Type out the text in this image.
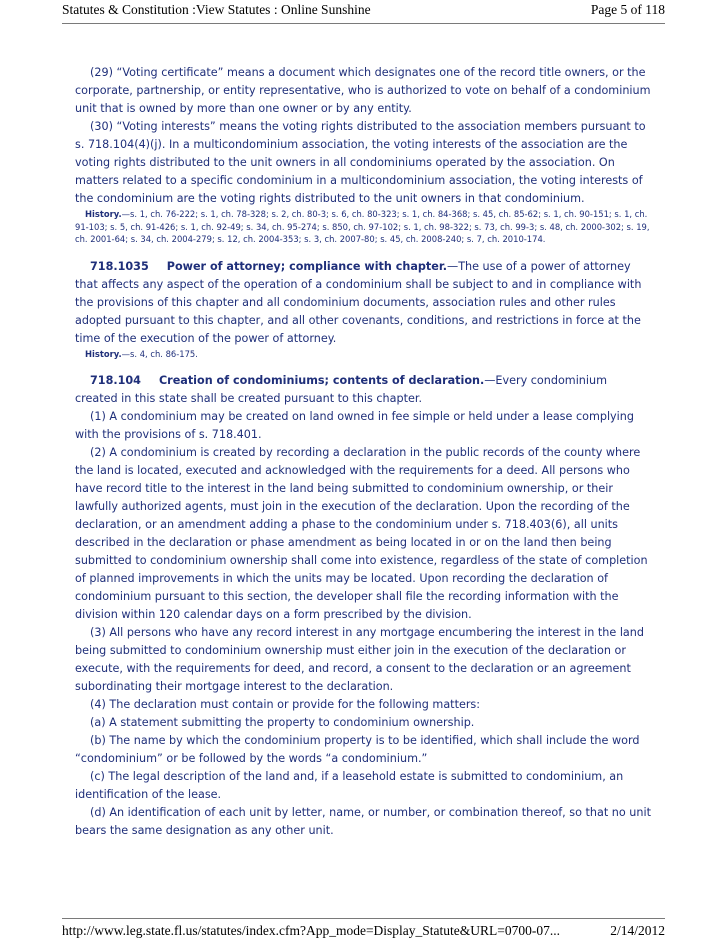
Statutes & Constitution :View Statutes : Online Sunshine	Page 5 of 118

(29) “Voting certificate” means a document which designates one of the record title owners, or the corporate, partnership, or entity representative, who is authorized to vote on behalf of a condominium unit that is owned by more than one owner or by any entity.

(30) “Voting interests” means the voting rights distributed to the association members pursuant to s. 718.104(4)(j). In a multicondominium association, the voting interests of the association are the voting rights distributed to the unit owners in all condominiums operated by the association. On matters related to a specific condominium in a multicondominium association, the voting interests of the condominium are the voting rights distributed to the unit owners in that condominium.

History.—s. 1, ch. 76-222; s. 1, ch. 78-328; s. 2, ch. 80-3; s. 6, ch. 80-323; s. 1, ch. 84-368; s. 45, ch. 85-62; s. 1, ch. 90-151; s. 1, ch. 91-103; s. 5, ch. 91-426; s. 1, ch. 92-49; s. 34, ch. 95-274; s. 850, ch. 97-102; s. 1, ch. 98-322; s. 73, ch. 99-3; s. 48, ch. 2000-302; s. 19, ch. 2001-64; s. 34, ch. 2004-279; s. 12, ch. 2004-353; s. 3, ch. 2007-80; s. 45, ch. 2008-240; s. 7, ch. 2010-174.

718.1035 Power of attorney; compliance with chapter.—The use of a power of attorney that affects any aspect of the operation of a condominium shall be subject to and in compliance with the provisions of this chapter and all condominium documents, association rules and other rules adopted pursuant to this chapter, and all other covenants, conditions, and restrictions in force at the time of the execution of the power of attorney.

History.—s. 4, ch. 86-175.

718.104 Creation of condominiums; contents of declaration.—Every condominium created in this state shall be created pursuant to this chapter.

(1) A condominium may be created on land owned in fee simple or held under a lease complying with the provisions of s. 718.401.

(2) A condominium is created by recording a declaration in the public records of the county where the land is located, executed and acknowledged with the requirements for a deed. All persons who have record title to the interest in the land being submitted to condominium ownership, or their lawfully authorized agents, must join in the execution of the declaration. Upon the recording of the declaration, or an amendment adding a phase to the condominium under s. 718.403(6), all units described in the declaration or phase amendment as being located in or on the land then being submitted to condominium ownership shall come into existence, regardless of the state of completion of planned improvements in which the units may be located. Upon recording the declaration of condominium pursuant to this section, the developer shall file the recording information with the division within 120 calendar days on a form prescribed by the division.

(3) All persons who have any record interest in any mortgage encumbering the interest in the land being submitted to condominium ownership must either join in the execution of the declaration or execute, with the requirements for deed, and record, a consent to the declaration or an agreement subordinating their mortgage interest to the declaration.

(4) The declaration must contain or provide for the following matters:

(a) A statement submitting the property to condominium ownership.

(b) The name by which the condominium property is to be identified, which shall include the word “condominium” or be followed by the words “a condominium.”

(c) The legal description of the land and, if a leasehold estate is submitted to condominium, an identification of the lease.

(d) An identification of each unit by letter, name, or number, or combination thereof, so that no unit bears the same designation as any other unit.

http://www.leg.state.fl.us/statutes/index.cfm?App_mode=Display_Statute&URL=0700-07...	2/14/2012
